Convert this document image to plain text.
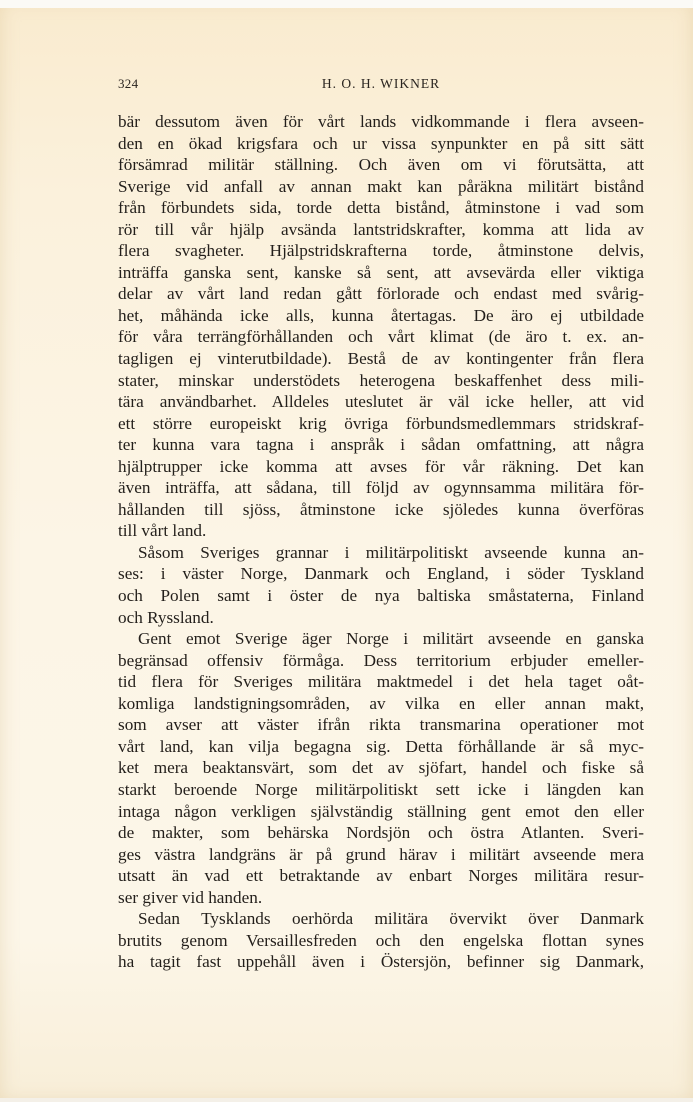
324	H. O. H. WIKNER
bär dessutom även för vårt lands vidkommande i flera avseen-
den en ökad krigsfara och ur vissa synpunkter en på sitt sätt
försämrad militär ställning. Och även om vi förutsätta, att
Sverige vid anfall av annan makt kan påräkna militärt bistånd
från förbundets sida, torde detta bistånd, åtminstone i vad som
rör till vår hjälp avsända lantstridskrafter, komma att lida av
flera svagheter. Hjälpstridskrafterna torde, åtminstone delvis,
inträffa ganska sent, kanske så sent, att avsevärda eller viktiga
delar av vårt land redan gått förlorade och endast med svårig-
het, måhända icke alls, kunna återtagas. De äro ej utbildade
för våra terrängförhållanden och vårt klimat (de äro t. ex. an-
tagligen ej vinterutbildade). Bestå de av kontingenter från flera
stater, minskar understödets heterogena beskaffenhet dess mili-
tära användbarhet. Alldeles uteslutet är väl icke heller, att vid
ett större europeiskt krig övriga förbundsmedlemmars stridskraf-
ter kunna vara tagna i anspråk i sådan omfattning, att några
hjälptrupper icke komma att avses för vår räkning. Det kan
även inträffa, att sådana, till följd av ogynnsamma militära för-
hållanden till sjöss, åtminstone icke sjöledes kunna överföras
till vårt land.
Såsom Sveriges grannar i militärpolitiskt avseende kunna an-
ses: i väster Norge, Danmark och England, i söder Tyskland
och Polen samt i öster de nya baltiska småstaterna, Finland
och Ryssland.
Gent emot Sverige äger Norge i militärt avseende en ganska
begränsad offensiv förmåga. Dess territorium erbjuder emeller-
tid flera för Sveriges militära maktmedel i det hela taget oåt-
komliga landstigningsområden, av vilka en eller annan makt,
som avser att väster ifrån rikta transmarina operationer mot
vårt land, kan vilja begagna sig. Detta förhållande är så myc-
ket mera beaktansvärt, som det av sjöfart, handel och fiske så
starkt beroende Norge militärpolitiskt sett icke i längden kan
intaga någon verkligen självständig ställning gent emot den eller
de makter, som behärska Nordsjön och östra Atlanten. Sveri-
ges västra landgräns är på grund härav i militärt avseende mera
utsatt än vad ett betraktande av enbart Norges militära resur-
ser giver vid handen.
Sedan Tysklands oerhörda militära övervikt över Danmark
brutits genom Versaillesfreden och den engelska flottan synes
ha tagit fast uppehåll även i Östersjön, befinner sig Danmark,
